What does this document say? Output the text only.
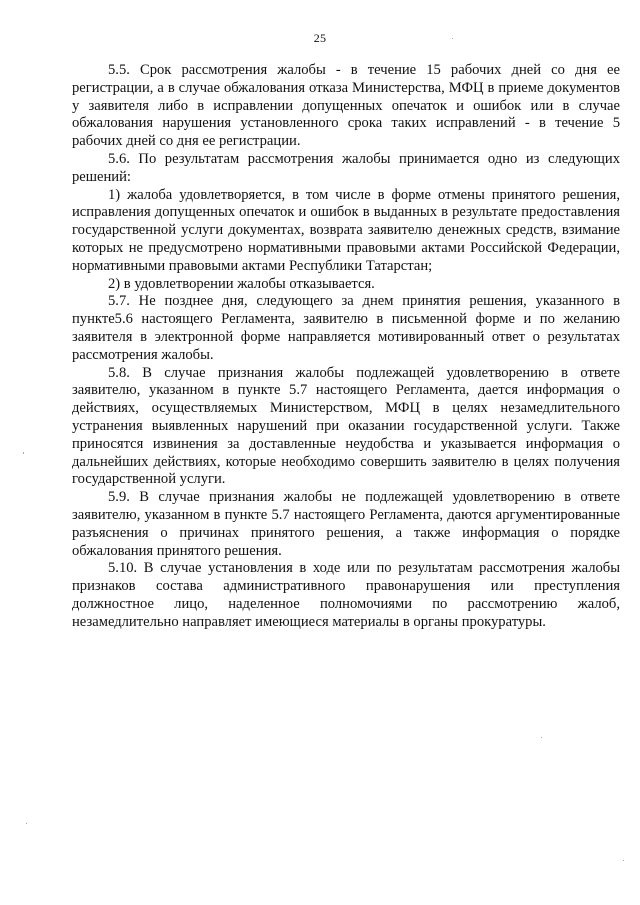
25

5.5. Срок рассмотрения жалобы - в течение 15 рабочих дней со дня ее регистрации, а в случае обжалования отказа Министерства, МФЦ в приеме документов у заявителя либо в исправлении допущенных опечаток и ошибок или в случае обжалования нарушения установленного срока таких исправлений - в течение 5 рабочих дней со дня ее регистрации.

5.6. По результатам рассмотрения жалобы принимается одно из следующих решений:

1) жалоба удовлетворяется, в том числе в форме отмены принятого решения, исправления допущенных опечаток и ошибок в выданных в результате предоставления государственной услуги документах, возврата заявителю денежных средств, взимание которых не предусмотрено нормативными правовыми актами Российской Федерации, нормативными правовыми актами Республики Татарстан;

2) в удовлетворении жалобы отказывается.

5.7. Не позднее дня, следующего за днем принятия решения, указанного в пункте5.6 настоящего Регламента, заявителю в письменной форме и по желанию заявителя в электронной форме направляется мотивированный ответ о результатах рассмотрения жалобы.

5.8. В случае признания жалобы подлежащей удовлетворению в ответе заявителю, указанном в пункте 5.7 настоящего Регламента, дается информация о действиях, осуществляемых Министерством, МФЦ в целях незамедлительного устранения выявленных нарушений при оказании государственной услуги. Также приносятся извинения за доставленные неудобства и указывается информация о дальнейших действиях, которые необходимо совершить заявителю в целях получения государственной услуги.

5.9. В случае признания жалобы не подлежащей удовлетворению в ответе заявителю, указанном в пункте 5.7 настоящего Регламента, даются аргументированные разъяснения о причинах принятого решения, а также информация о порядке обжалования принятого решения.

5.10. В случае установления в ходе или по результатам рассмотрения жалобы признаков состава административного правонарушения или преступления должностное лицо, наделенное полномочиями по рассмотрению жалоб, незамедлительно направляет имеющиеся материалы в органы прокуратуры.
